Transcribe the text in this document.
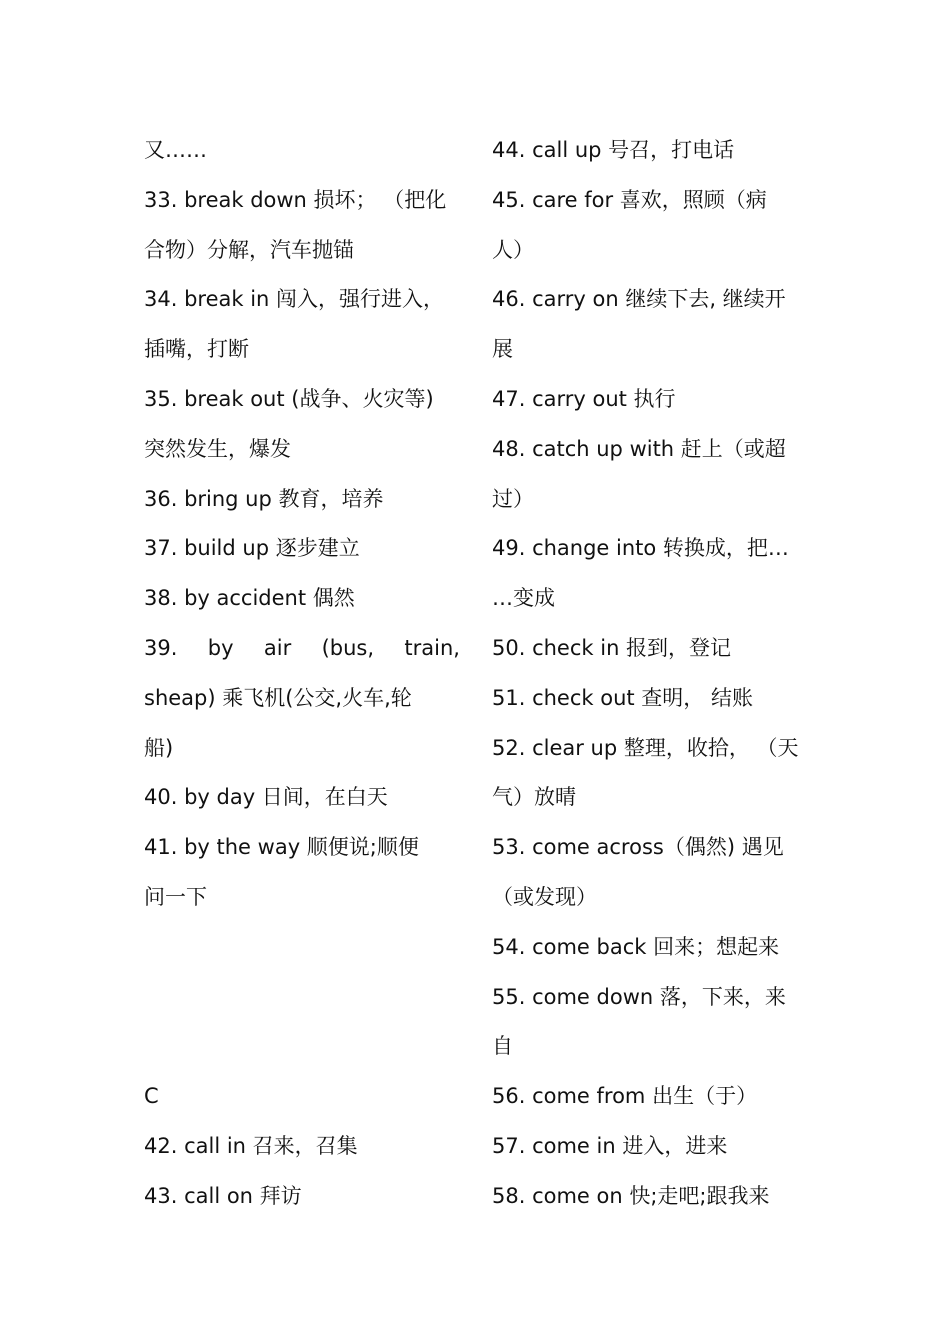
又……
33. break down 损坏； （把化
合物）分解，汽车抛锚
34. break in 闯入，强行进入，
插嘴，打断
35. break out (战争、火灾等)
突然发生，爆发
36. bring up 教育，培养
37. build up 逐步建立
38. by accident 偶然
39. by air (bus, train,
sheap) 乘飞机(公交,火车,轮
船)
40. by day 日间，在白天
41. by the way 顺便说;顺便
问一下
C
42. call in 召来，召集
43. call on 拜访
44. call up 号召，打电话
45. care for 喜欢，照顾（病
人）
46. carry on 继续下去, 继续开
展
47. carry out 执行
48. catch up with 赶上（或超
过）
49. change into 转换成，把…
…变成
50. check in 报到，登记
51. check out 查明， 结账
52. clear up 整理，收拾， （天
气）放晴
53. come across（偶然) 遇见
（或发现）
54. come back 回来；想起来
55. come down 落，下来，来
自
56. come from 出生（于）
57. come in 进入，进来
58. come on 快;走吧;跟我来
